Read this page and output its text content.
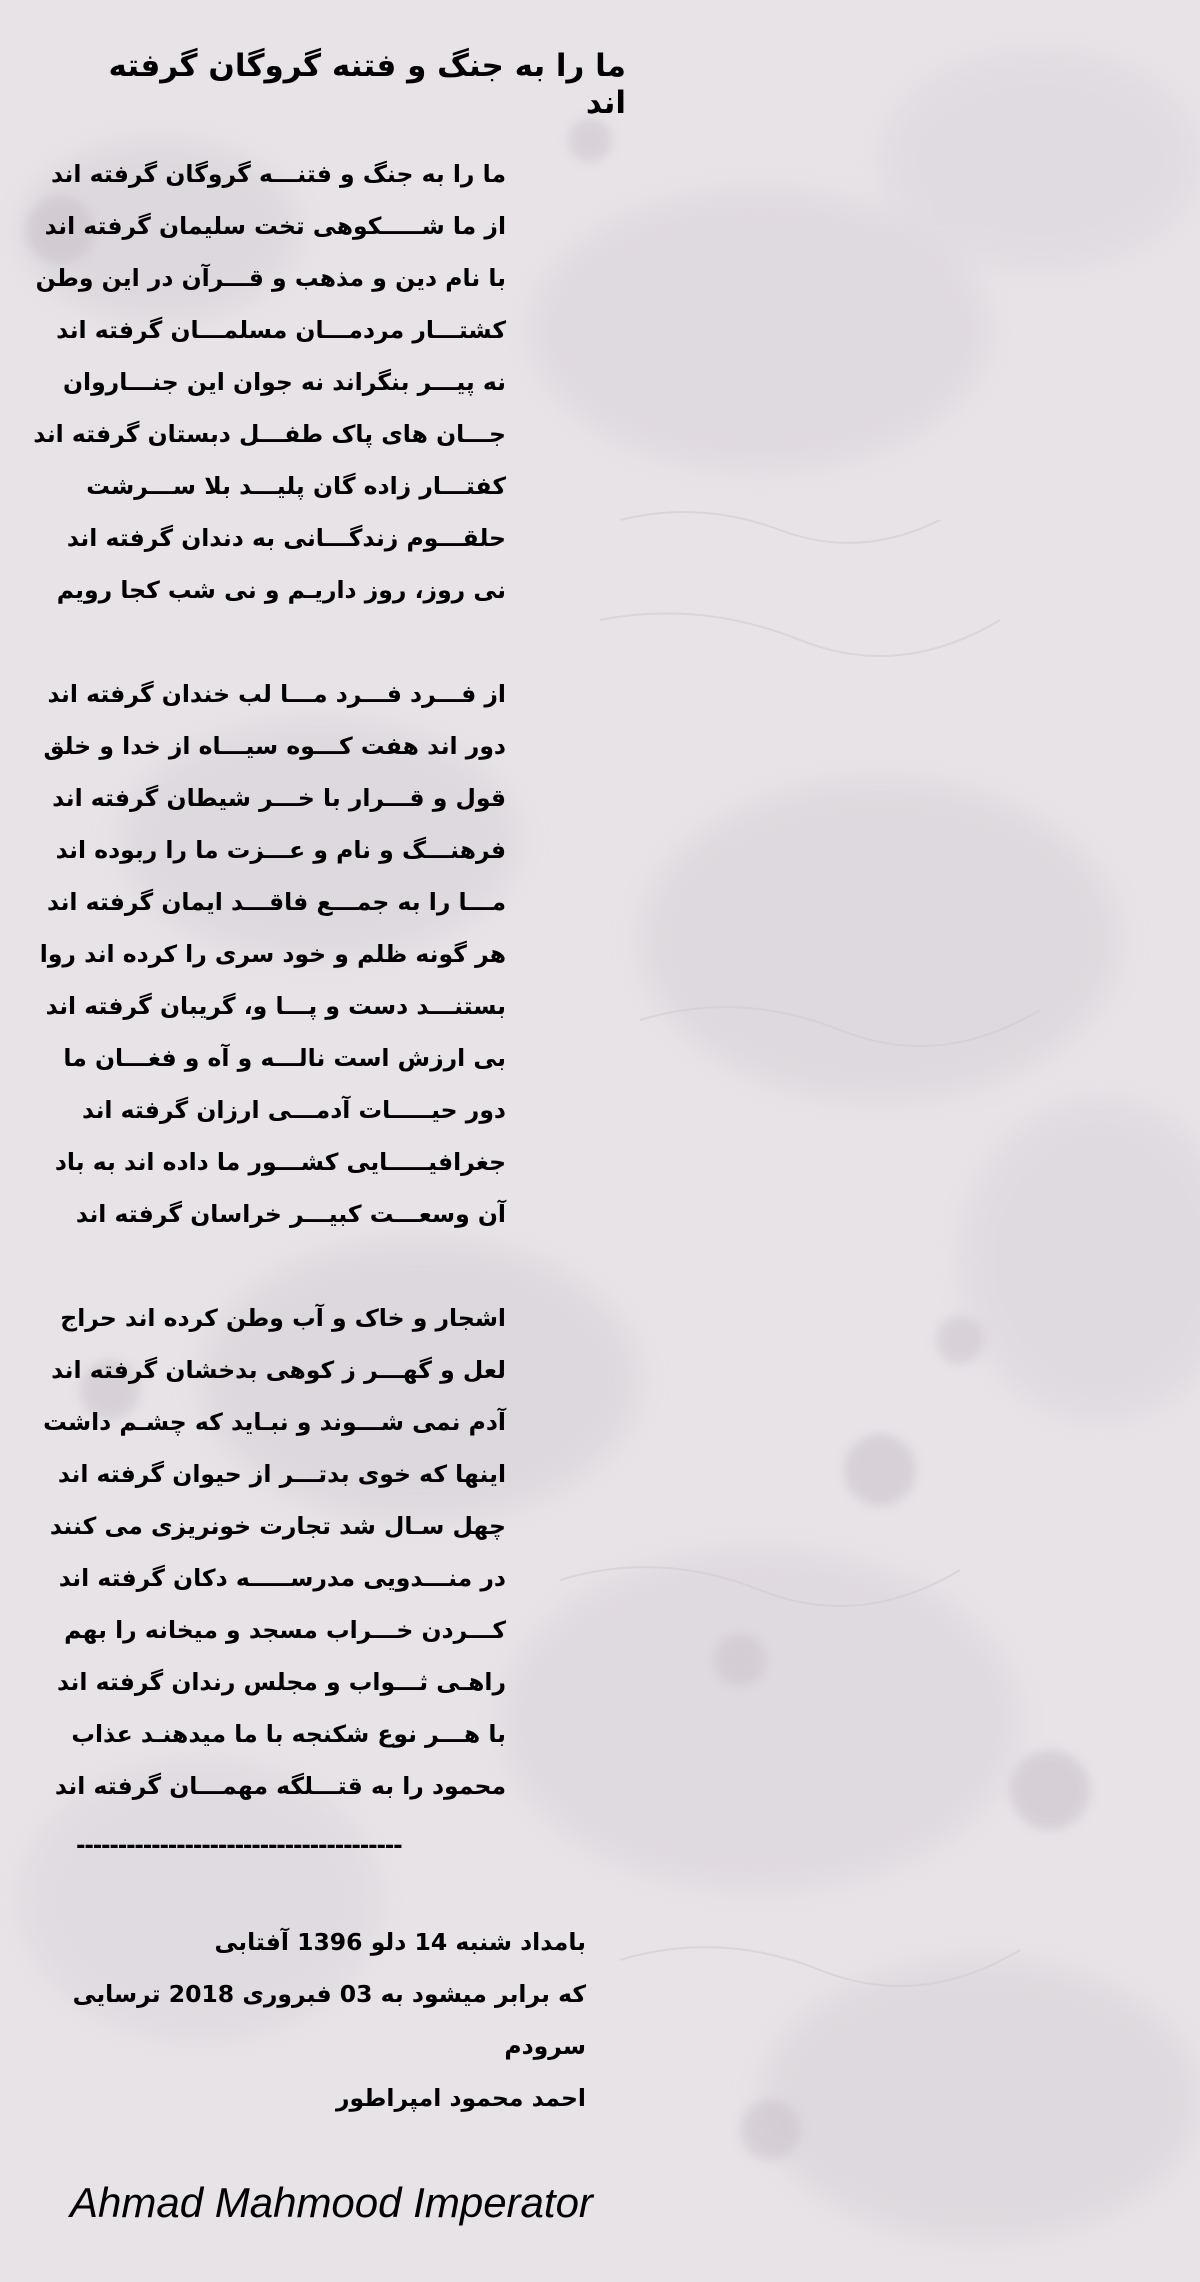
ما را به جنگ و فتنه گروگان گرفته اند
ما را به جنگ و فتنـــه گروگان گرفته اند
از ما شـــــکوهی تخت سلیمان گرفته اند
با نام دین و مذهب و قـــرآن در این وطن
کشتـــار مردمـــان مسلمـــان گرفته اند
نه پیـــر بنگراند نه جوان این جنـــاروان
جـــان های پاک طفـــل دبستان گرفته اند
کفتـــار زاده گان پلیـــد بلا ســـرشت
حلقـــوم زندگـــانی به دندان گرفته اند
نی روز، روز داریـم و نی شب کجا رویم
از فـــرد فـــرد مـــا لب خندان گرفته اند
دور اند هفت کـــوه سیـــاه از خدا و خلق
قول و قـــرار با خـــر شیطان گرفته اند
فرهنـــگ و نام و عـــزت ما را ربوده اند
مـــا را به جمـــع فاقـــد ایمان گرفته اند
هر گونه ظلم و خود سری را کرده اند روا
بستنـــد دست و پـــا و، گریبان گرفته اند
بی ارزش است نالـــه و آه و فغـــان ما
دور حیـــــات آدمـــی ارزان گرفته اند
جغرافیـــــایی کشـــور ما داده اند به باد
آن وسعـــت کبیـــر خراسان گرفته اند
اشجار و خاک و آب وطن کرده اند حراج
لعل و گهـــر ز کوهی بدخشان گرفته اند
آدم نمی شـــوند و نبـاید که چشـم داشت
اینها که خوی بدتـــر از حیوان گرفته اند
چهل سـال شد تجارت خونریزی می کنند
در منـــدویی مدرســـــه دکان گرفته اند
کـــردن خـــراب مسجد و میخانه را بهم
راهـی ثـــواب و مجلس رندان گرفته اند
با هـــر نوع شکنجه با ما میدهنـد عذاب
محمود را به قتـــلگه مهمـــان گرفته اند
---------------------------------------
بامداد شنبه 14 دلو 1396 آفتابی
که برابر میشود به 03 فبروری 2018 ترسایی
سرودم
احمد محمود امپراطور
Ahmad Mahmood Imperator
